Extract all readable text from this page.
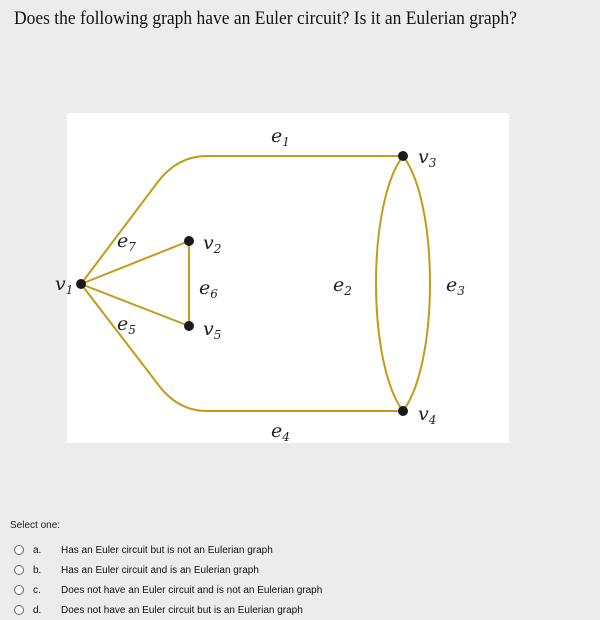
Does the following graph have an Euler circuit? Is it an Eulerian graph?
$v_1$
$v_2$
$v_5$
$v_3$
$v_4$
$e_1$
$e_2$	$e_3$
$e_4$
$e_5$
$e_6$
$e_7$
Select one:
a.	Has an Euler circuit but is not an Eulerian graph
b.	Has an Euler circuit and is an Eulerian graph
c.	Does not have an Euler circuit and is not an Eulerian graph
d.	Does not have an Euler circuit but is an Eulerian graph
